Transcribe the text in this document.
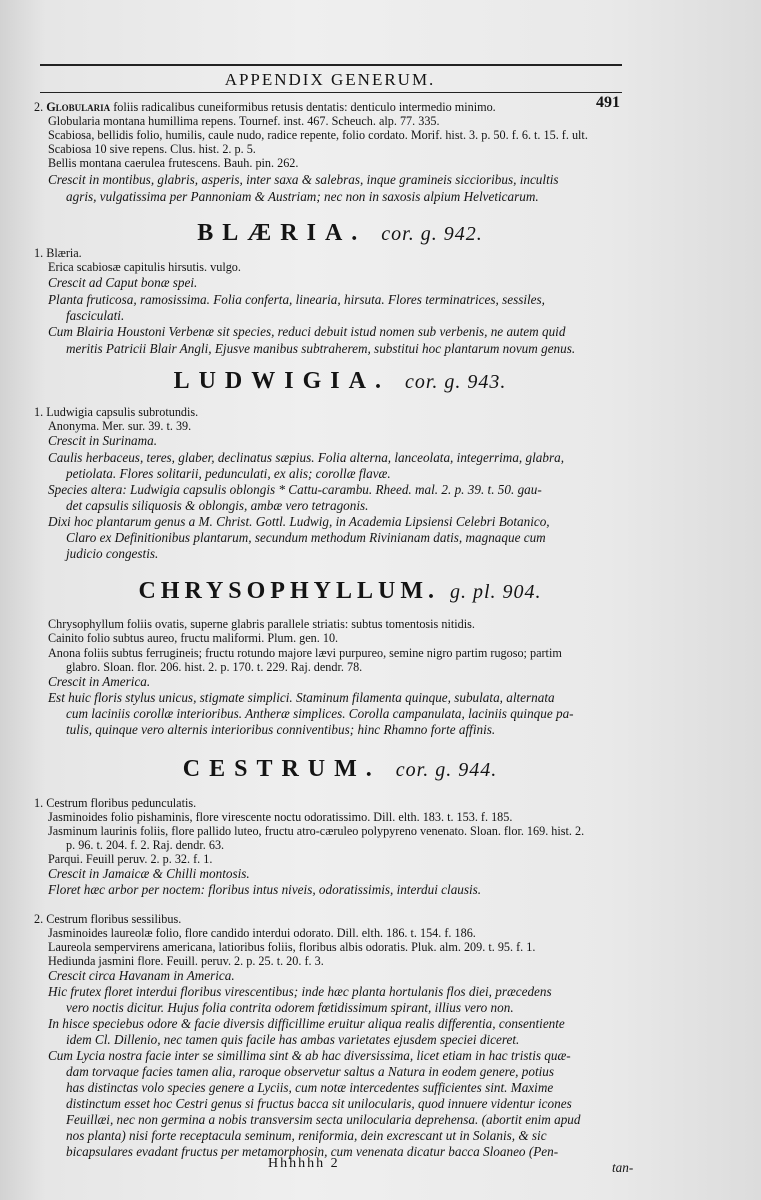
APPENDIX GENERUM.
491
2. Globularia foliis radicalibus cuneiformibus retusis dentatis: denticulo intermedio minimo.
Globularia montana humillima repens. Tournef. inst. 467. Scheuch. alp. 77. 335.
Scabiosa, bellidis folio, humilis, caule nudo, radice repente, folio cordato. Morif. hist. 3. p. 50. f. 6. t. 15. f. ult.
Scabiosa 10 sive repens. Clus. hist. 2. p. 5.
Bellis montana caerulea frutescens. Bauh. pin. 262.
Crescit in montibus, glabris, asperis, inter saxa & salebras, inque gramineis siccioribus, incultis
agris, vulgatissima per Pannoniam & Austriam; nec non in saxosis alpium Helveticarum.
BLÆRIA. cor. g. 942.
1. Blæria.
Erica scabiosæ capitulis hirsutis. vulgo.
Crescit ad Caput bonæ spei.
Planta fruticosa, ramosissima. Folia conferta, linearia, hirsuta. Flores terminatrices, sessiles,
fasciculati.
Cum Blairia Houstoni Verbenæ sit species, reduci debuit istud nomen sub verbenis, ne autem quid
meritis Patricii Blair Angli, Ejusve manibus subtraherem, substitui hoc plantarum novum genus.
LUDWIGIA. cor. g. 943.
1. Ludwigia capsulis subrotundis.
Anonyma. Mer. sur. 39. t. 39.
Crescit in Surinama.
Caulis herbaceus, teres, glaber, declinatus sæpius. Folia alterna, lanceolata, integerrima, glabra,
petiolata. Flores solitarii, pedunculati, ex alis; corollæ flavæ.
Species altera: Ludwigia capsulis oblongis * Cattu-carambu. Rheed. mal. 2. p. 39. t. 50. gau-
det capsulis siliquosis & oblongis, ambæ vero tetragonis.
Dixi hoc plantarum genus a M. Christ. Gottl. Ludwig, in Academia Lipsiensi Celebri Botanico,
Claro ex Definitionibus plantarum, secundum methodum Rivinianam datis, magnaque cum
judicio congestis.
CHRYSOPHYLLUM. g. pl. 904.
Chrysophyllum foliis ovatis, superne glabris parallele striatis: subtus tomentosis nitidis.
Cainito folio subtus aureo, fructu maliformi. Plum. gen. 10.
Anona foliis subtus ferrugineis; fructu rotundo majore lævi purpureo, semine nigro partim rugoso; partim
glabro. Sloan. flor. 206. hist. 2. p. 170. t. 229. Raj. dendr. 78.
Crescit in America.
Est huic floris stylus unicus, stigmate simplici. Staminum filamenta quinque, subulata, alternata
cum laciniis corollæ interioribus. Antheræ simplices. Corolla campanulata, laciniis quinque pa-
tulis, quinque vero alternis interioribus conniventibus; hinc Rhamno forte affinis.
CESTRUM. cor. g. 944.
1. Cestrum floribus pedunculatis.
Jasminoides folio pishaminis, flore virescente noctu odoratissimo. Dill. elth. 183. t. 153. f. 185.
Jasminum laurinis foliis, flore pallido luteo, fructu atro-cæruleo polypyreno venenato. Sloan. flor. 169. hist. 2.
p. 96. t. 204. f. 2. Raj. dendr. 63.
Parqui. Feuill peruv. 2. p. 32. f. 1.
Crescit in Jamaicæ & Chilli montosis.
Floret hæc arbor per noctem: floribus intus niveis, odoratissimis, interdui clausis.
2. Cestrum floribus sessilibus.
Jasminoides laureolæ folio, flore candido interdui odorato. Dill. elth. 186. t. 154. f. 186.
Laureola sempervirens americana, latioribus foliis, floribus albis odoratis. Pluk. alm. 209. t. 95. f. 1.
Hediunda jasmini flore. Feuill. peruv. 2. p. 25. t. 20. f. 3.
Crescit circa Havanam in America.
Hic frutex floret interdui floribus virescentibus; inde hæc planta hortulanis flos diei, præcedens
vero noctis dicitur. Hujus folia contrita odorem fœtidissimum spirant, illius vero non.
In hisce speciebus odore & facie diversis difficillime eruitur aliqua realis differentia, consentiente
idem Cl. Dillenio, nec tamen quis facile has ambas varietates ejusdem speciei diceret.
Cum Lycia nostra facie inter se simillima sint & ab hac diversissima, licet etiam in hac tristis quæ-
dam torvaque facies tamen alia, raroque observetur saltus a Natura in eodem genere, potius
has distinctas volo species genere a Lyciis, cum notæ intercedentes sufficientes sint. Maxime
distinctum esset hoc Cestri genus si fructus bacca sit unilocularis, quod innuere videntur icones
Feuillæi, nec non germina a nobis transversim secta unilocularia deprehensa. (abortit enim apud
nos planta) nisi forte receptacula seminum, reniformia, dein excrescant ut in Solanis, & sic
bicapsulares evadant fructus per metamorphosin, cum venenata dicatur bacca Sloaneo (Pen-
tan-
Hhhhhh 2
